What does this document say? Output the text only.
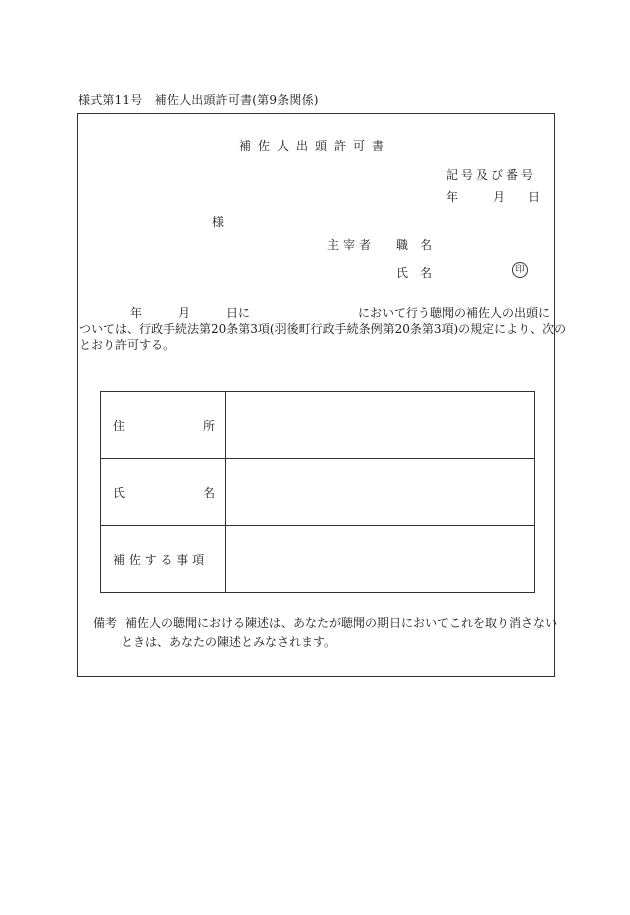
様式第11号　補佐人出頭許可書(第9条関係)
補佐人出頭許可書
記号及び番号
年	月 日
様
主宰者 職　名
氏　名	印
年	月	日に	において行う聴聞の補佐人の出頭に
ついては、行政手続法第20条第3項(羽後町行政手続条例第20条第3項)の規定により、次の
とおり許可する。
住 所	

氏 名	

補 佐 す る 事 項	

備考 補佐人の聴聞における陳述は、あなたが聴聞の期日においてこれを取り消さない
ときは、あなたの陳述とみなされます。
